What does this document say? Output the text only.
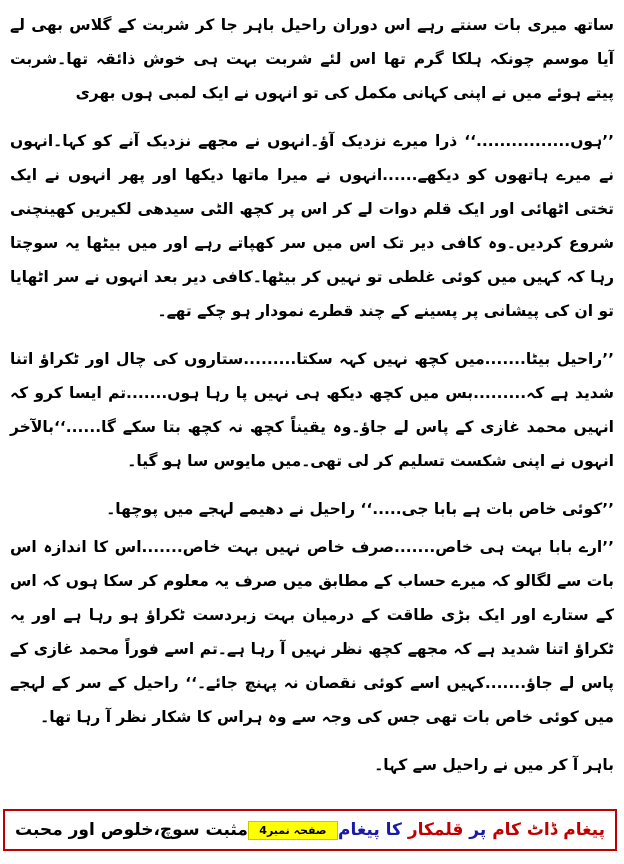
ساتھ میری بات سنتے رہے اس دوران راحیل باہر جا کر شربت کے گلاس بھی لے آیا موسم چونکہ ہلکا گرم تھا اس لئے شربت بہت ہی خوش ذائقہ تھا۔شربت پیتے ہوئے میں نے اپنی کہانی مکمل کی تو انہوں نے ایک لمبی ہوں بھری

’’ہوں................‘‘ ذرا میرے نزدیک آؤ۔انہوں نے مجھے نزدیک آنے کو کہا۔انہوں نے میرے ہاتھوں کو دیکھے......انہوں نے میرا ماتھا دیکھا اور پھر انہوں نے ایک تختی اٹھائی اور ایک قلم دوات لے کر اس پر کچھ الٹی سیدھی لکیریں کھینچنی شروع کردیں۔وہ کافی دیر تک اس میں سر کھپاتے رہے اور میں بیٹھا یہ سوچتا رہا کہ کہیں میں کوئی غلطی تو نہیں کر بیٹھا۔کافی دیر بعد انہوں نے سر اٹھایا تو ان کی پیشانی پر پسینے کے چند قطرے نمودار ہو چکے تھے۔

’’راحیل بیٹا.......میں کچھ نہیں کہہ سکتا.........ستاروں کی چال اور ٹکراؤ اتنا شدید ہے کہ.........بس میں کچھ دیکھ ہی نہیں پا رہا ہوں.......تم ایسا کرو کہ انہیں محمد غازی کے پاس لے جاؤ۔وہ یقیناً کچھ نہ کچھ بتا سکے گا......‘‘بالآخر انہوں نے اپنی شکست تسلیم کر لی تھی۔میں مایوس سا ہو گیا۔

’’کوئی خاص بات ہے بابا جی.....‘‘ راحیل نے دھیمے لہجے میں پوچھا۔

’’ارے بابا بہت ہی خاص.......صرف خاص نہیں بہت خاص.......اس کا اندازہ اس بات سے لگالو کہ میرے حساب کے مطابق میں صرف یہ معلوم کر سکا ہوں کہ اس کے ستارے اور ایک بڑی طاقت کے درمیان بہت زبردست ٹکراؤ ہو رہا ہے اور یہ ٹکراؤ اتنا شدید ہے کہ مجھے کچھ نظر نہیں آ رہا ہے۔تم اسے فوراً محمد غازی کے پاس لے جاؤ.......کہیں اسے کوئی نقصان نہ پہنچ جائے۔‘‘ راحیل کے سر کے لہجے میں کوئی خاص بات تھی جس کی وجہ سے وہ ہراس کا شکار نظر آ رہا تھا۔

باہر آ کر میں نے راحیل سے کہا۔

پیغام ڈاٹ کام پر قلمکار کا پیغام
صفحہ نمبر4
مثبت سوچ،خلوص اور محبت
